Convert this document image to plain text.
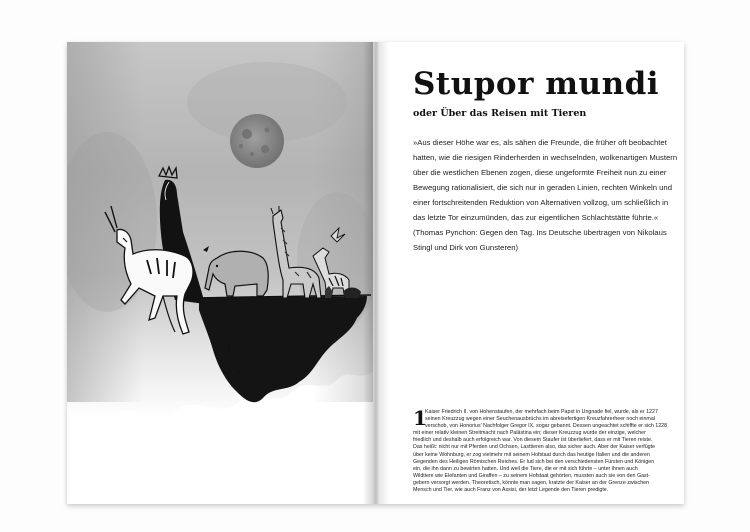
Stupor mundi
oder Über das Reisen mit Tieren

»Aus dieser Höhe war es, als sähen die Freunde, die früher oft beobachtet
hatten, wie die riesigen Rinderherden in wechselnden, wolkenartigen Mustern
über die westlichen Ebenen zogen, diese ungeformte Freiheit nun zu einer
Bewegung rationalisiert, die sich nur in geraden Linien, rechten Winkeln und
einer fortschreitenden Reduktion von Alternativen vollzog, um schließlich in
das letzte Tor einzumünden, das zur eigentlichen Schlachtstätte führte.«
(Thomas Pynchon: Gegen den Tag. Ins Deutsche übertragen von Nikolaus
Stingl und Dirk von Gunsteren)

1
Kaiser Friedrich II. von Hohenstaufen, der mehrfach beim Papst in Ungnade fiel, wurde, als er 1227
seinen Kreuzzug wegen einer Seuchenausbrüchs im abreisefertigen Kreuzfahrerheer noch einmal
verschob, von Honorius' Nachfolger Gregor IX. sogar gebannt. Dessen ungeachtet schiffte er sich 1228
mit einer relativ kleinen Streitmacht nach Palästina ein; dieser Kreuzzug wurde der einzige, welcher
friedlich und deshalb auch erfolgreich war. Von diesem Staufer ist überliefert, dass er mit Tieren reiste.
Das heißt: nicht nur mit Pferden und Ochsen, Lasttieren also, das sicher auch. Aber der Kaiser verfügte
über keine Wohnburg, er zog vielmehr mit seinem Hofstaat durch das heutige Italien und die anderen
Gegenden des Heiligen Römischen Reiches. Er lud sich bei den verschiedensten Fürsten und Königen
ein, die ihn dann zu bewirten hatten. Und weil die Tiere, die er mit sich führte – unter ihnen auch
Wildtiere wie Elefanten und Giraffen – zu seinem Hofstaat gehörten, mussten auch sie von den Gast-
gebern versorgt werden. Theoretisch, könnte man sagen, kratzte der Kaiser an der Grenze zwischen
Mensch und Tier, wie auch Franz von Assisi, der letzt Legende den Tieren predigte.
